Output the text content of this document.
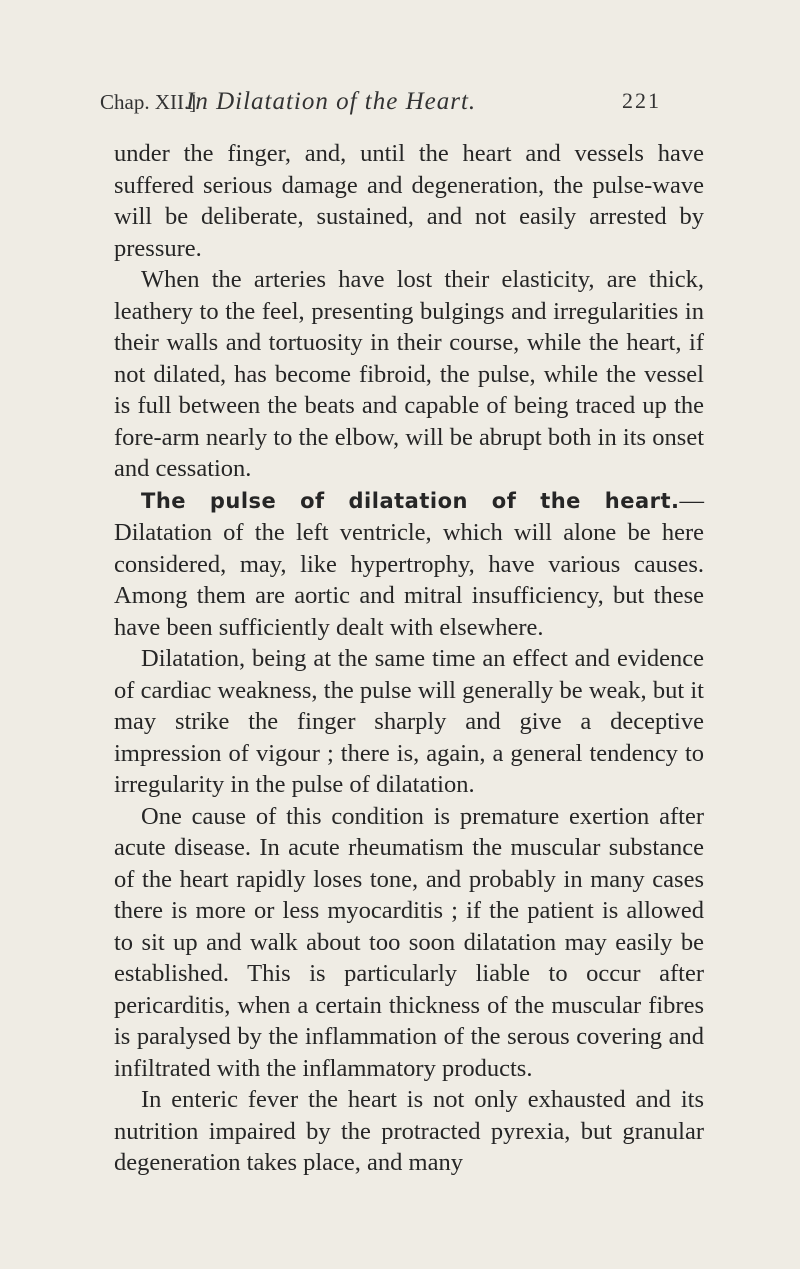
Chap. XII.] In Dilatation of the Heart.	221

under the finger, and, until the heart and vessels have suffered serious damage and degeneration, the pulse-wave will be deliberate, sustained, and not easily arrested by pressure.

When the arteries have lost their elasticity, are thick, leathery to the feel, presenting bulgings and irregularities in their walls and tortuosity in their course, while the heart, if not dilated, has become fibroid, the pulse, while the vessel is full between the beats and capable of being traced up the fore-arm nearly to the elbow, will be abrupt both in its onset and cessation.

The pulse of dilatation of the heart.— Dilatation of the left ventricle, which will alone be here considered, may, like hypertrophy, have various causes. Among them are aortic and mitral insufficiency, but these have been sufficiently dealt with elsewhere.

Dilatation, being at the same time an effect and evidence of cardiac weakness, the pulse will generally be weak, but it may strike the finger sharply and give a deceptive impression of vigour ; there is, again, a general tendency to irregularity in the pulse of dilatation.

One cause of this condition is premature exertion after acute disease. In acute rheumatism the muscular substance of the heart rapidly loses tone, and probably in many cases there is more or less myocarditis ; if the patient is allowed to sit up and walk about too soon dilatation may easily be established. This is particularly liable to occur after pericarditis, when a certain thickness of the muscular fibres is paralysed by the inflammation of the serous covering and infiltrated with the inflammatory products.

In enteric fever the heart is not only exhausted and its nutrition impaired by the protracted pyrexia, but granular degeneration takes place, and many
